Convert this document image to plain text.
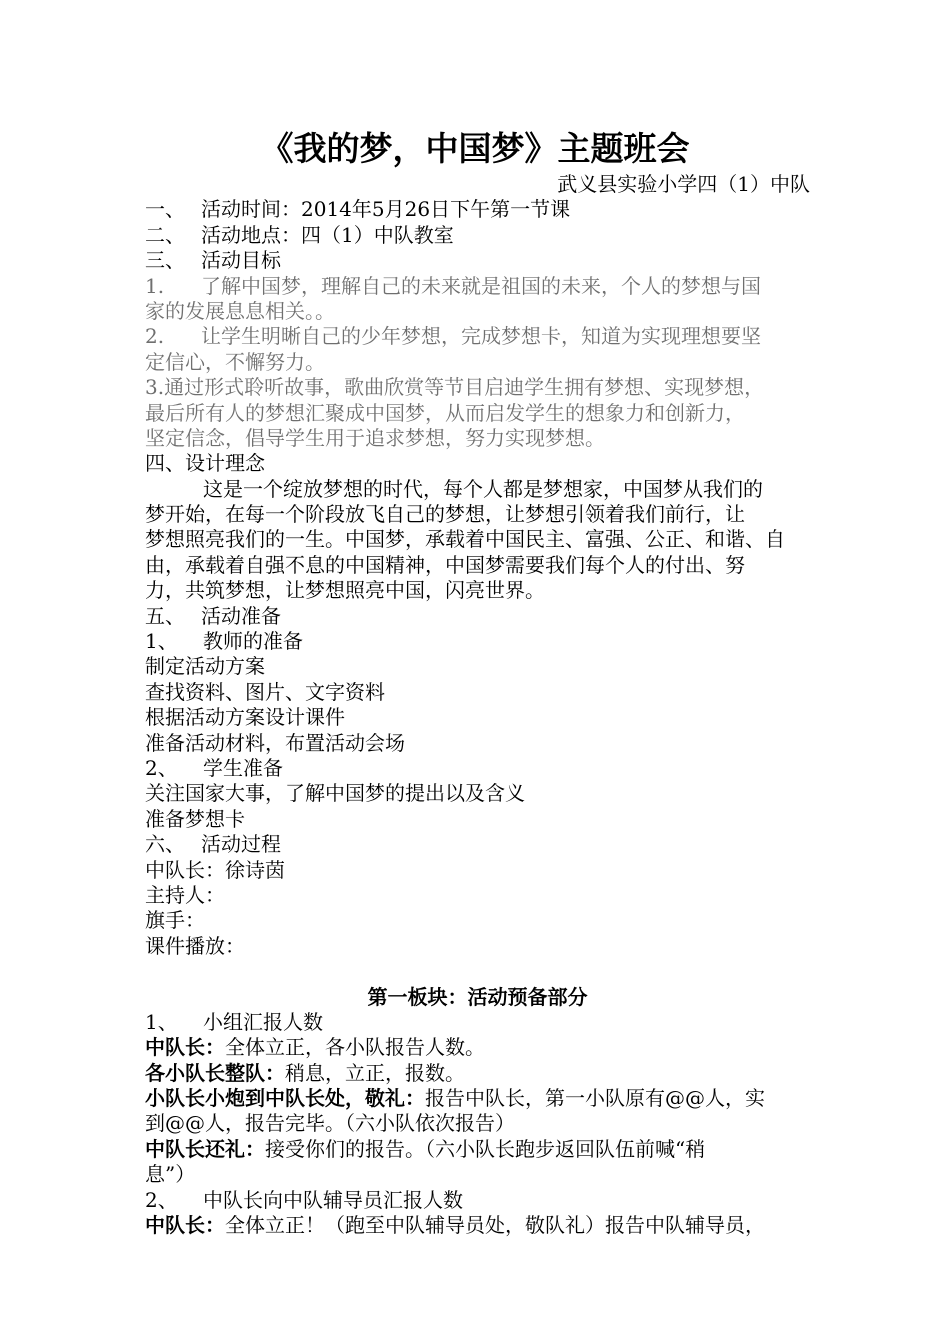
《我的梦，中国梦》主题班会
武义县实验小学四（1）中队
一、 活动时间：2014年5月26日下午第一节课
二、 活动地点：四（1）中队教室
三、 活动目标
1. 了解中国梦，理解自己的未来就是祖国的未来，个人的梦想与国
家的发展息息相关。。
2. 让学生明晰自己的少年梦想，完成梦想卡，知道为实现理想要坚
定信心，不懈努力。
3.通过形式聆听故事，歌曲欣赏等节目启迪学生拥有梦想、实现梦想，
最后所有人的梦想汇聚成中国梦，从而启发学生的想象力和创新力，
坚定信念，倡导学生用于追求梦想，努力实现梦想。
四、设计理念
这是一个绽放梦想的时代，每个人都是梦想家，中国梦从我们的
梦开始，在每一个阶段放飞自己的梦想，让梦想引领着我们前行，让
梦想照亮我们的一生。中国梦，承载着中国民主、富强、公正、和谐、自
由，承载着自强不息的中国精神，中国梦需要我们每个人的付出、努
力，共筑梦想，让梦想照亮中国，闪亮世界。
五、 活动准备
1、 教师的准备
制定活动方案
查找资料、图片、文字资料
根据活动方案设计课件
准备活动材料，布置活动会场
2、 学生准备
关注国家大事，了解中国梦的提出以及含义
准备梦想卡
六、 活动过程
中队长：徐诗茵
主持人：
旗手：
课件播放：
第一板块：活动预备部分
1、 小组汇报人数
中队长：全体立正，各小队报告人数。
各小队长整队：稍息，立正，报数。
小队长小炮到中队长处，敬礼：报告中队长，第一小队原有@@人，实
到@@人，报告完毕。（六小队依次报告）
中队长还礼：接受你们的报告。（六小队长跑步返回队伍前喊“稍
息”）
2、 中队长向中队辅导员汇报人数
中队长：全体立正！（跑至中队辅导员处，敬队礼）报告中队辅导员，
